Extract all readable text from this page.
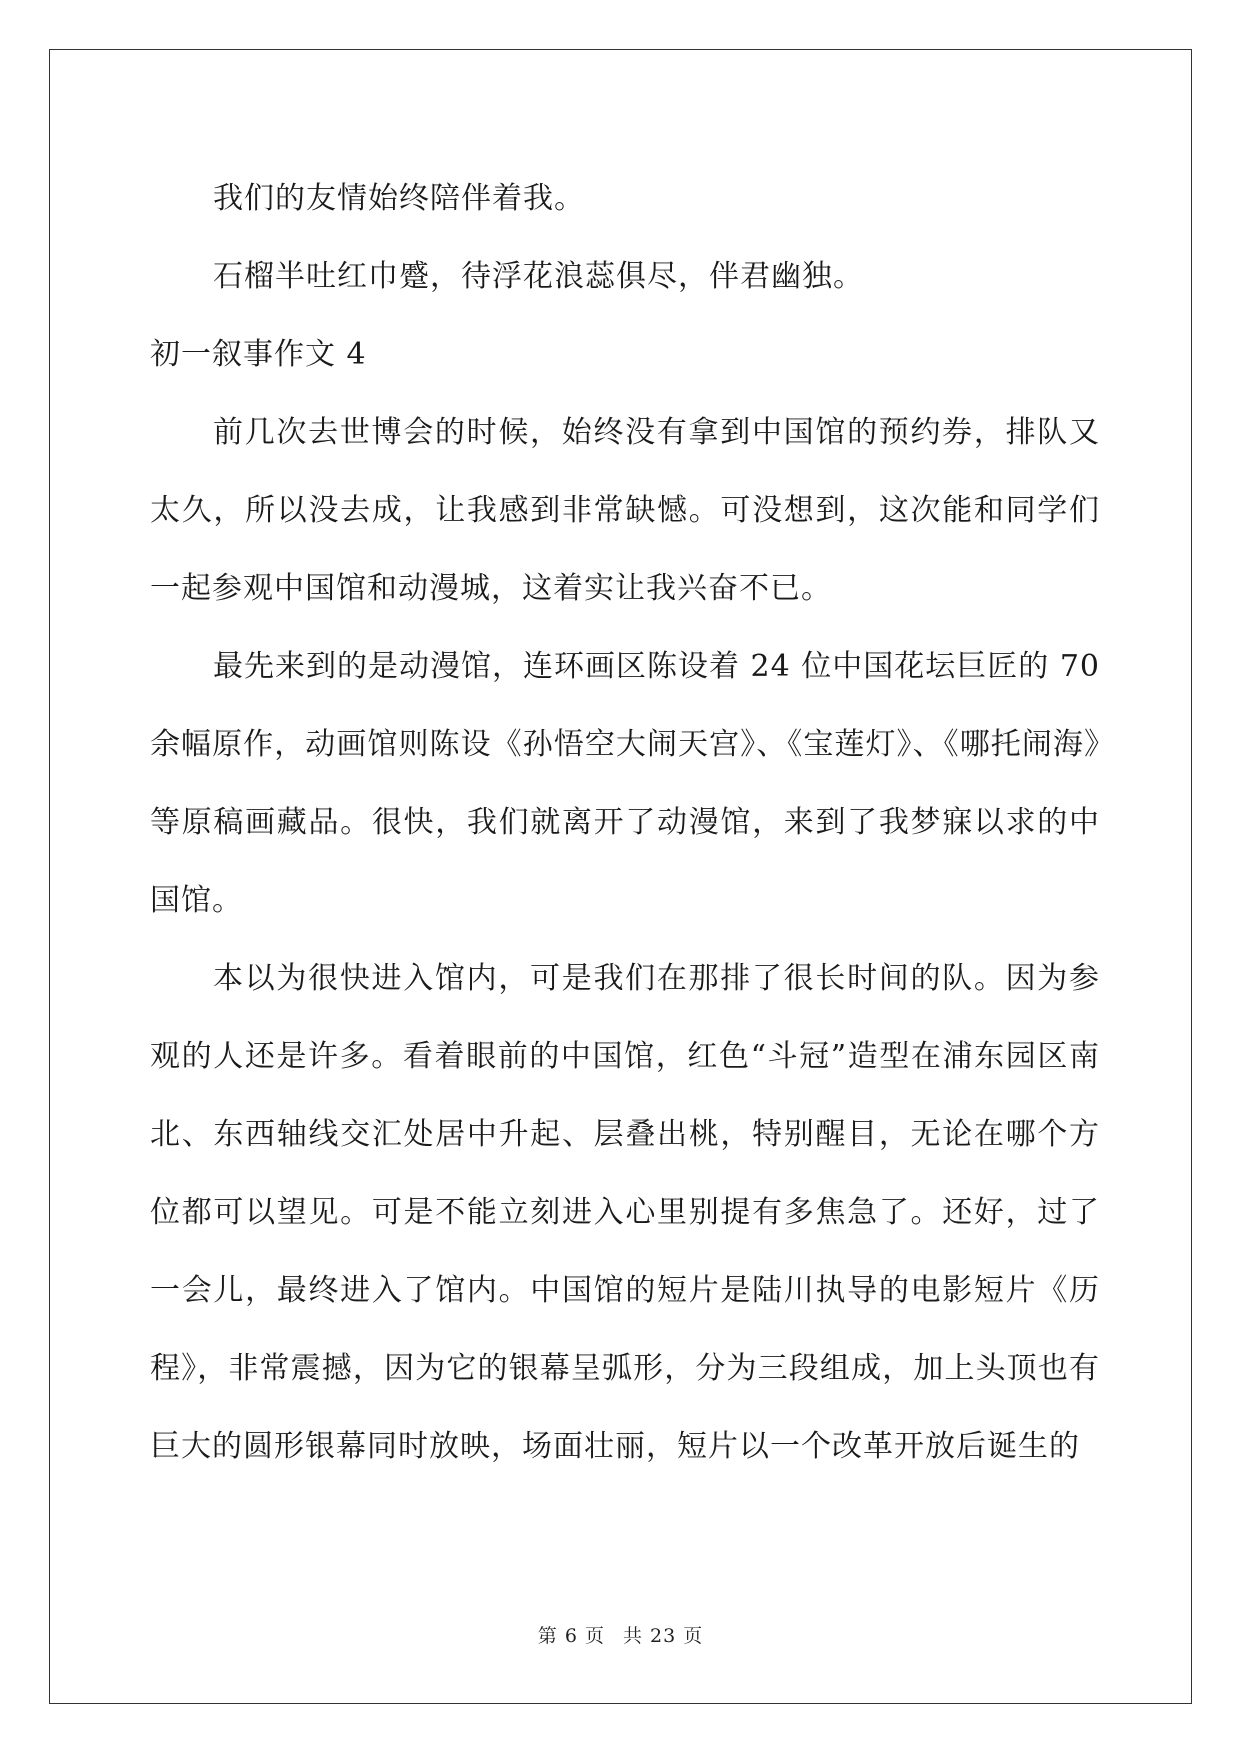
我们的友情始终陪伴着我。

石榴半吐红巾蹙，待浮花浪蕊俱尽，伴君幽独。

初一叙事作文 4

前几次去世博会的时候，始终没有拿到中国馆的预约券，排队又太久，所以没去成，让我感到非常缺憾。可没想到，这次能和同学们一起参观中国馆和动漫城，这着实让我兴奋不已。

最先来到的是动漫馆，连环画区陈设着 24 位中国花坛巨匠的 70 余幅原作，动画馆则陈设《孙悟空大闹天宫》、《宝莲灯》、《哪托闹海》等原稿画藏品。很快，我们就离开了动漫馆，来到了我梦寐以求的中国馆。

本以为很快进入馆内，可是我们在那排了很长时间的队。因为参观的人还是许多。看着眼前的中国馆，红色“斗冠”造型在浦东园区南北、东西轴线交汇处居中升起、层叠出桃，特别醒目，无论在哪个方位都可以望见。可是不能立刻进入心里别提有多焦急了。还好，过了一会儿，最终进入了馆内。中国馆的短片是陆川执导的电影短片《历程》，非常震撼，因为它的银幕呈弧形，分为三段组成，加上头顶也有巨大的圆形银幕同时放映，场面壮丽，短片以一个改革开放后诞生的

第 6 页 共 23 页
